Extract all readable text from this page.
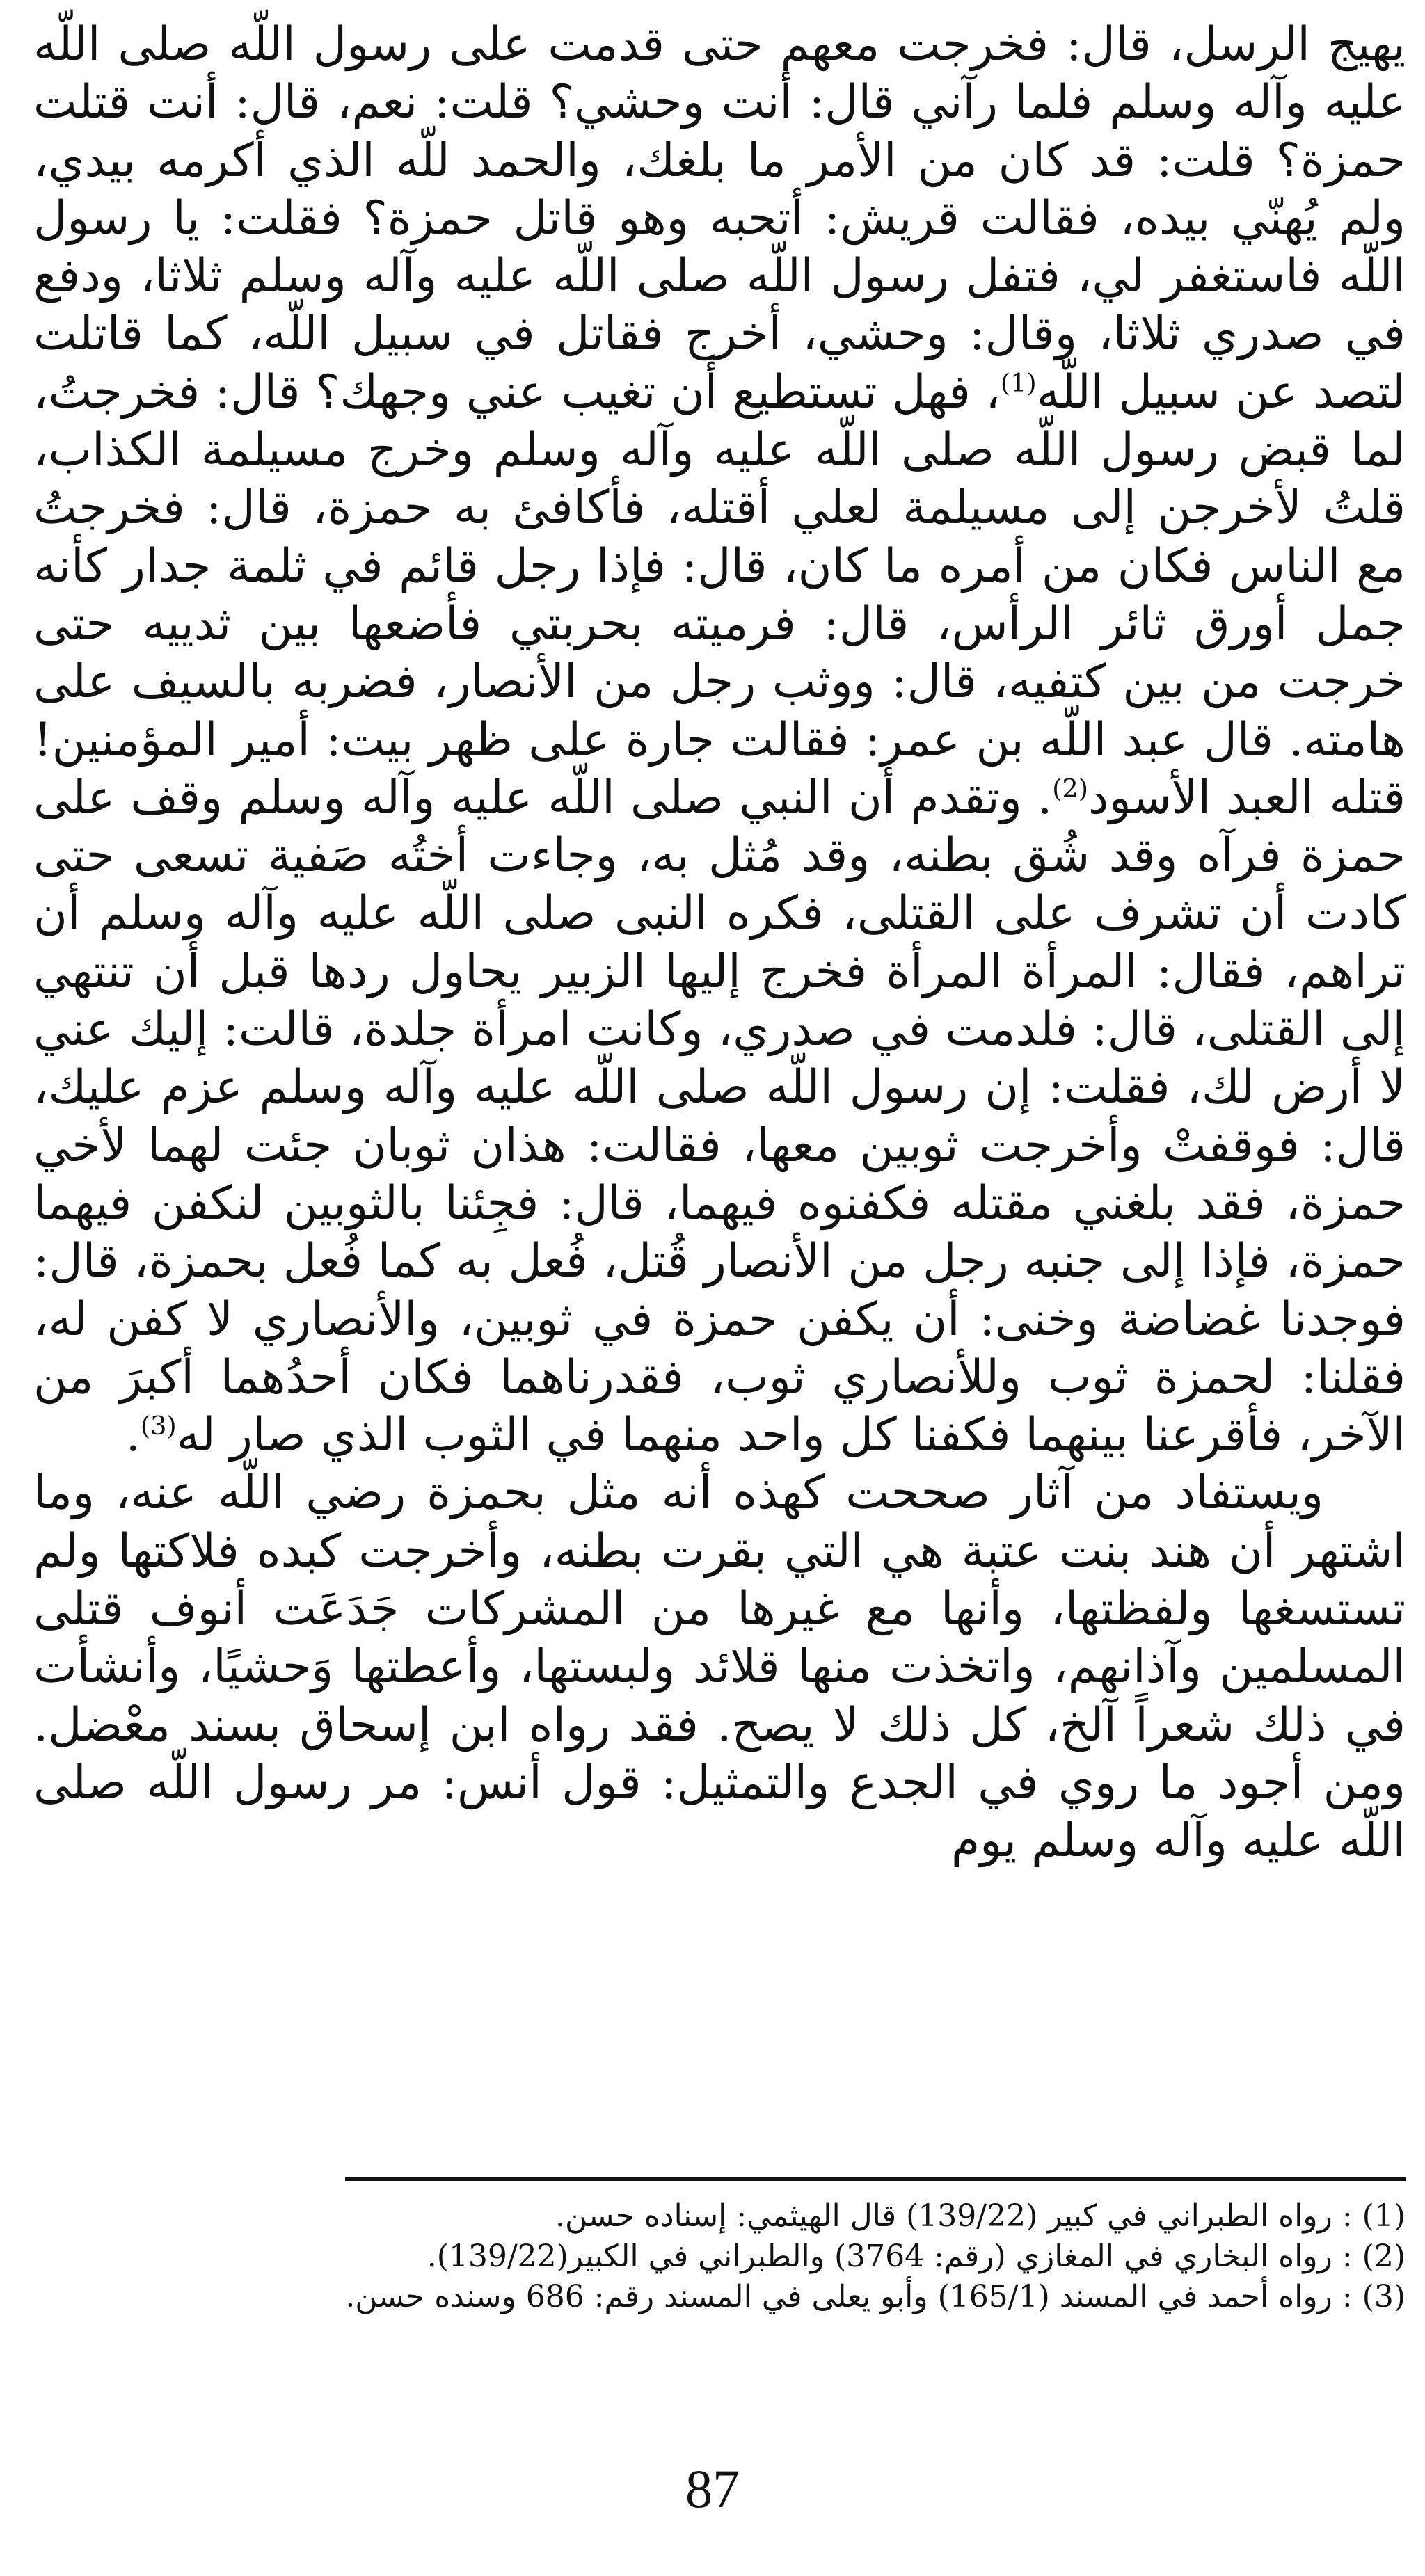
يهيج الرسل، قال: فخرجت معهم حتى قدمت على رسول اللّه صلى اللّه عليه وآله وسلم فلما رآني قال: أنت وحشي؟ قلت: نعم، قال: أنت قتلت حمزة؟ قلت: قد كان من الأمر ما بلغك، والحمد للّه الذي أكرمه بيدي، ولم يُهنّي بيده، فقالت قريش: أتحبه وهو قاتل حمزة؟ فقلت: يا رسول اللّه فاستغفر لي، فتفل رسول اللّه صلى اللّه عليه وآله وسلم ثلاثا، ودفع في صدري ثلاثا، وقال: وحشي، أخرج فقاتل في سبيل اللّه، كما قاتلت لتصد عن سبيل اللّه$^{(1)}$، فهل تستطيع أن تغيب عني وجهك؟ قال: فخرجتُ، لما قبض رسول اللّه صلى اللّه عليه وآله وسلم وخرج مسيلمة الكذاب، قلتُ لأخرجن إلى مسيلمة لعلي أقتله، فأكافئ به حمزة، قال: فخرجتُ مع الناس فكان من أمره ما كان، قال: فإذا رجل قائم في ثلمة جدار كأنه جمل أورق ثائر الرأس، قال: فرميته بحربتي فأضعها بين ثدييه حتى خرجت من بين كتفيه، قال: ووثب رجل من الأنصار، فضربه بالسيف على هامته. قال عبد اللّه بن عمر: فقالت جارة على ظهر بيت: أمير المؤمنين! قتله العبد الأسود$^{(2)}$. وتقدم أن النبي صلى اللّه عليه وآله وسلم وقف على حمزة فرآه وقد شُق بطنه، وقد مُثل به، وجاءت أختُه صَفية تسعى حتى كادت أن تشرف على القتلى، فكره النبى صلى اللّه عليه وآله وسلم أن تراهم، فقال: المرأة المرأة فخرج إليها الزبير يحاول ردها قبل أن تنتهي إلى القتلى، قال: فلدمت في صدري، وكانت امرأة جلدة، قالت: إليك عني لا أرض لك، فقلت: إن رسول اللّه صلى اللّه عليه وآله وسلم عزم عليك، قال: فوقفتْ وأخرجت ثوبين معها، فقالت: هذان ثوبان جئت لهما لأخي حمزة، فقد بلغني مقتله فكفنوه فيهما، قال: فجِئنا بالثوبين لنكفن فيهما حمزة، فإذا إلى جنبه رجل من الأنصار قُتل، فُعل به كما فُعل بحمزة، قال: فوجدنا غضاضة وخنى: أن يكفن حمزة في ثوبين، والأنصاري لا كفن له، فقلنا: لحمزة ثوب وللأنصاري ثوب، فقدرناهما فكان أحدُهما أكبرَ من الآخر، فأقرعنا بينهما فكفنا كل واحد منهما في الثوب الذي صار له$^{(3)}$.

ويستفاد من آثار صححت كهذه أنه مثل بحمزة رضي اللّه عنه، وما اشتهر أن هند بنت عتبة هي التي بقرت بطنه، وأخرجت كبده فلاكتها ولم تستسغها ولفظتها، وأنها مع غيرها من المشركات جَدَعَت أنوف قتلى المسلمين وآذانهم، واتخذت منها قلائد ولبستها، وأعطتها وَحشيًا، وأنشأت في ذلك شعراً آلخ، كل ذلك لا يصح. فقد رواه ابن إسحاق بسند معْضل. ومن أجود ما روي في الجدع والتمثيل: قول أنس: مر رسول اللّه صلى اللّه عليه وآله وسلم يوم

(1) : رواه الطبراني في كبير (139/22) قال الهيثمي: إسناده حسن.
(2) : رواه البخاري في المغازي (رقم: 3764) والطبراني في الكبير(139/22).
(3) : رواه أحمد في المسند (165/1) وأبو يعلى في المسند رقم: 686 وسنده حسن.
87
